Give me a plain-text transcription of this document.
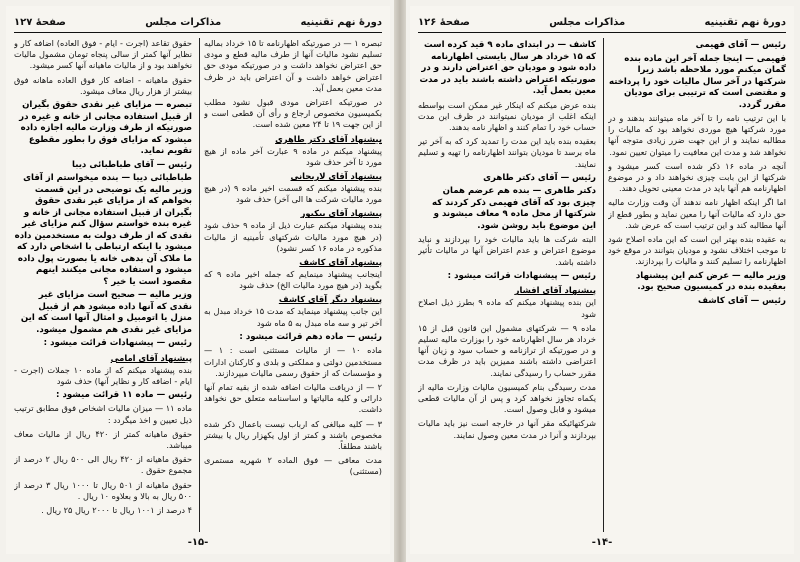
دورهٔ نهم تقنینیه
مذاکرات مجلس
صفحهٔ ۱۲۷
تبصره ۱ — در صورتیکه اظهارنامه تا ۱۵ خرداد بمالیه تسلیم نشود مالیات آنها از طرف مالیه قطع و مودی حق اعتراض نخواهد داشت و در صورتیکه مودی حق اعتراض خواهد داشت و آن اعتراض باید در ظرف مدت معین بعمل آید.
در صورتیکه اعتراض مودی قبول نشود مطلب بکمیسیون مخصوص ارجاع و رأی آن قطعی است و از این جهت ۱۹ تا ۲۴ معین شده است.
پیشنهاد آقای دکتر طاهری
پیشنهاد میکنم در ماده ۹ عبارت آخر ماده از هیچ مورد تا آخر حذف شود
پیشنهاد آقای لاریجانی
بنده پیشنهاد میکنم که قسمت اخیر ماده ۹ (در هیچ مورد مالیات شرکت ها الی آخر) حذف شود
پیشنهاد آقای بیکیور
بنده پیشنهاد میکنم عبارت ذیل از ماده ۹ حذف شود (در هیچ مورد مالیات شرکتهای تأمینیه از مالیات مذکوره در ماده ۱۶ کسر نشود)
پیشنهاد آقای کاشف
اینجانب پیشنهاد مینمایم که جمله اخیر ماده ۹ که بگوید (در هیچ مورد مالیات الخ) حذف شود
پیشنهاد دیگر آقای کاشف
این جانب پیشنهاد مینماید که مدت ۱۵ خرداد مبدل به آخر تیر و سه ماه مبدل به ۵ ماه شود
رئیس — ماده دهم قرائت میشود :
ماده ۱۰ — از مالیات مستثنی است : ۱ — مستخدمین دولتی و مملکتی و بلدی و کارکنان ادارات و مؤسسات که از حقوق رسمی مالیات میپردازند.
۲ — از دریافت مالیات اضافه شده از بقیه تمام آنها دارائی و کلیه مالیاتها و اساسنامه متعلق حق نخواهد داشت.
۳ — کلیه مبالغی که ارباب نیست باعمال ذکر شده مخصوص باشند و کمتر از اول یکهزار ریال یا بیشتر باشند مطلقاً.
مدت معافی — فوق الماده ۲ شهریه مستمری (مستثنی)
حقوق تقاعد (اجرت - ایام - فوق العاده) اضافه کار و نظایر آنها کمتر از سالی پنجاه تومان مشمول مالیات نخواهند بود و از مالیات ماهیانه آنها کسر میشود.
حقوق ماهیانه - اضافه کار فوق العاده ماهانه فوق بیشتر از هزار ریال معاف میشود.
تبصره — مزایای غیر نقدی حقوق بگیران از قبیل استفاده مجانی از خانه و غیره در صورتیکه از طرف وزارت مالیه اجازه داده میشود که مزایای فوق را بطور مقطوع تقویم نماید.
رئیس — آقای طباطبائی دیبا
طباطبائی دیبا — بنده میخواستم از آقای وزیر مالیه یک توضیحی در این قسمت بخواهم که از مزایای غیر نقدی حقوق بگیران از قبیل استفاده مجانی از خانه و غیره بنده خواستم سؤال کنم مزایای غیر نقدی که از طرف دولت به مستخدمین داده میشود یا اینکه ارتباطی با اشخاص دارد که ما ملاک آن بدهی خانه یا بصورت پول داده میشود و استفاده مجانی میکنند اینهم مقصود است یا خیر ؟
وزیر مالیه — صحیح است مزایای غیر نقدی که آنها داده میشود هم از قبیل منزل یا اتومبیل و امثال آنها است که این مزایای غیر نقدی هم مشمول میشود.
رئیس — پیشنهادات قرائت میشود :
پیشنهاد آقای امامی
بنده پیشنهاد میکنم که از ماده ۱۰ جملات (اجرت - ایام - اضافه کار و نظایر آنها) حذف شود
رئیس — ماده ۱۱ قرائت میشود :
ماده ۱۱ — میزان مالیات اشخاص فوق مطابق ترتیب ذیل تعیین و اخذ میگردد :
حقوق ماهیانه کمتر از ۴۲۰ ریال از مالیات معاف میباشد.
حقوق ماهیانه از ۴۲۰ ریال الی ۵۰۰ ریال ۲ درصد از مجموع حقوق .
حقوق ماهیانه از ۵۰۱ ریال تا ۱۰۰۰ ریال ۳ درصد از ۵۰۰ ریال به بالا و بعلاوه ۱۰ ریال .
۴ درصد از ۱۰۰۱ ریال تا ۲۰۰۰ ریال ۲۵ ریال .
-۱۵-
دورهٔ نهم تقنینیه
مذاکرات مجلس
صفحهٔ ۱۲۶
رئیس — آقای فهیمی
فهیمی — اینجا جمله آخر این ماده بنده گمان میکنم مورد ملاحظه باشد زیرا شرکتها در آخر سال مالیات خود را پرداخته و مقتضی است که ترتیبی برای مودیان مقرر گردد.
با این ترتیب نامه را تا آخر ماه میتوانند بدهند و در مورد شرکتها هیچ موردی نخواهد بود که مالیات را مطالبه نمایند و از این جهت ضرر زیادی متوجه آنها نخواهد شد و مدت این معافیت را میتوان تعیین نمود.
آنچه در ماده ۱۶ ذکر شده است کسر میشود و شرکتها از این بابت چیزی نخواهند داد و در موضوع اظهارنامه هم آنها باید در مدت معینی تحویل دهند.
اما اگر اینکه اظهار نامه ندهند آن وقت وزارت مالیه حق دارد که مالیات آنها را معین نماید و بطور قطع از آنها مطالبه کند و این ترتیب است که عرض شد.
به عقیده بنده بهتر این است که این ماده اصلاح شود تا موجب اختلاف نشود و مودیان بتوانند در موقع خود اظهارنامه را تسلیم کنند و مالیات را بپردازند.
وزیر مالیه — عرض کنم این پیشنهاد بعقیده بنده در کمیسیون صحیح بود.
رئیس — آقای کاشف
کاشف — در ابتدای ماده ۹ قید کرده است که ۱۵ خرداد هر سال بایستی اظهارنامه داده شود و مودیان حق اعتراض دارند و در صورتیکه اعتراض داشته باشند باید در مدت معین بعمل آید.
بنده عرض میکنم که اینکار غیر ممکن است بواسطه اینکه اغلب از مودیان نمیتوانند در ظرف این مدت حساب خود را تمام کنند و اظهار نامه بدهند.
بعقیده بنده باید این مدت را تمدید کرد که به آخر تیر ماه برسد تا مودیان بتوانند اظهارنامه را تهیه و تسلیم نمایند.
رئیس — آقای دکتر طاهری
دکتر طاهری — بنده هم عرضم همان چیزی بود که آقای فهیمی ذکر کردند که شرکتها از محل ماده ۹ معاف میشوند و این موضوع باید روشن شود.
البته شرکت ها باید مالیات خود را بپردازند و نباید موضوع اعتراض و عدم اعتراض آنها در مالیات تأثیر داشته باشد.
رئیس — پیشنهادات قرائت میشود :
پیشنهاد آقای افشار
این بنده پیشنهاد میکنم که ماده ۹ بطرز ذیل اصلاح شود
ماده ۹ — شرکتهای مشمول این قانون قبل از ۱۵ خرداد هر سال اظهارنامه خود را بوزارت مالیه تسلیم و در صورتیکه از ترازنامه و حساب سود و زیان آنها اعتراضی داشته باشند ممیزین باید در ظرف مدت مقرر حساب را رسیدگی نمایند.
مدت رسیدگی بنام کمیسیون مالیات وزارت مالیه از یکماه تجاوز نخواهد کرد و پس از آن مالیات قطعی میشود و قابل وصول است.
شرکتهائیکه مقر آنها در خارجه است نیز باید مالیات بپردازند و آنرا در مدت معین وصول نمایند.
-۱۴-
